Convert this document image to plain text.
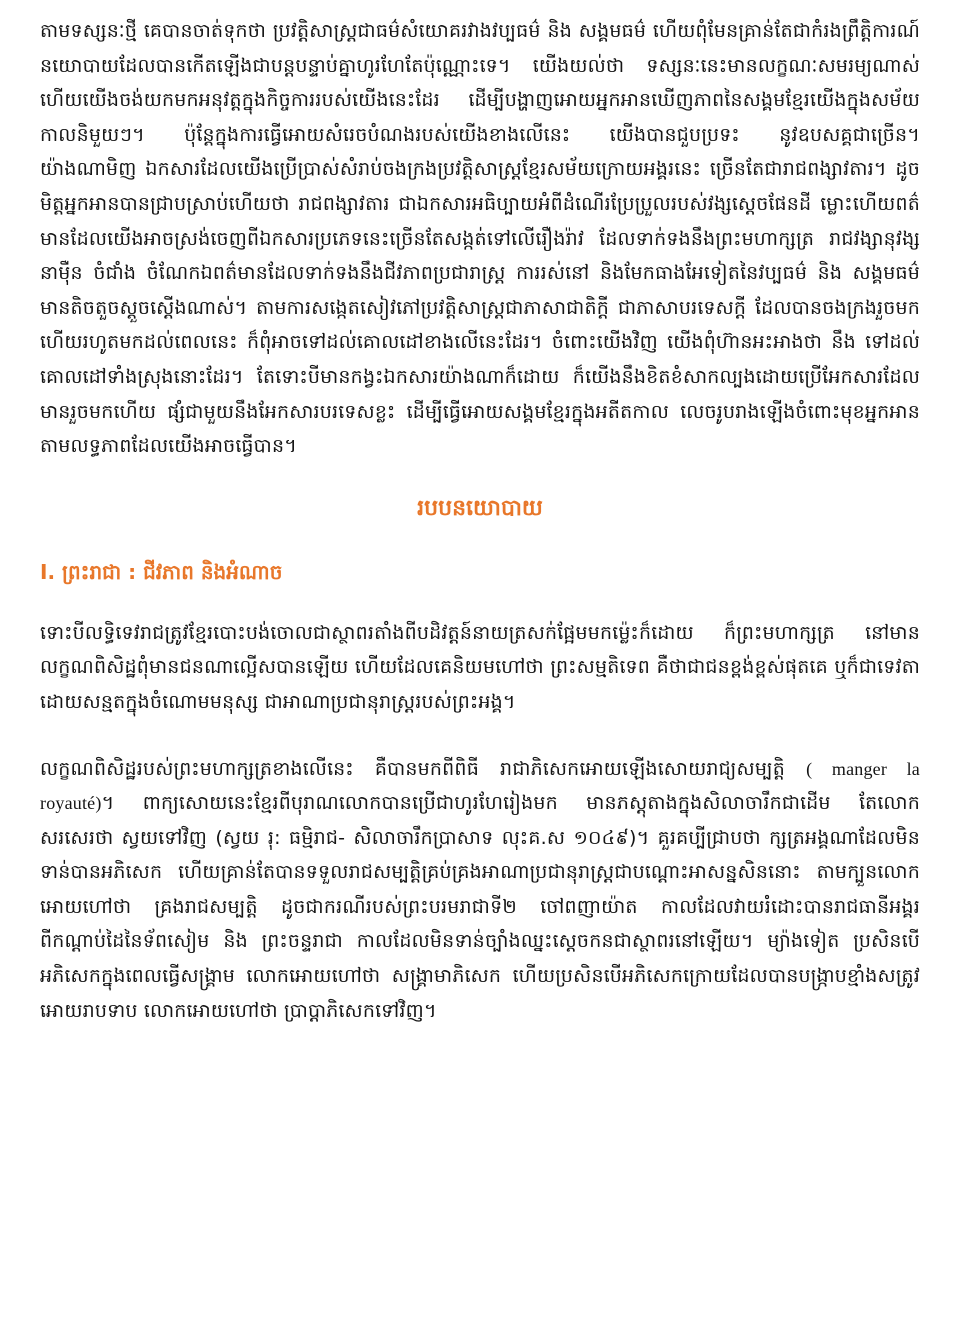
តាមទស្សនៈថ្មី គេបានចាត់ទុកថា ប្រវត្តិសាស្ត្រជាធម៌សំយោគរវាងវប្បធម៌ និង សង្គមធម៌ ហើយពុំមែនគ្រាន់តែជាកំរងព្រឹត្តិការណ៍នយោបាយដែលបានកើតឡើងជាបន្តបន្ទាប់គ្នាហូរហែតែប៉ុណ្ណោះទេ។ យើងយល់ថា ទស្សនៈនេះមានលក្ខណៈសមរម្យណាស់ ហើយយើងចង់យកមកអនុវត្តក្នុងកិច្ចការរបស់យើងនេះដែរ ដើម្បីបង្ហាញអោយអ្នកអានឃើញភាពនៃសង្គមខ្មែរយើងក្នុងសម័យកាលនិមួយៗ។ ប៉ុន្តែក្នុងការធ្វើអោយសំរេចបំណងរបស់យើងខាងលើនេះ យើងបានជួបប្រទះ នូវឧបសគ្គជាច្រើន។ យ៉ាងណាមិញ ឯកសារដែលយើងប្រើប្រាស់សំរាប់ចងក្រងប្រវត្តិសាស្ត្រខ្មែរសម័យក្រោយអង្គរនេះ ច្រើនតែជារាជពង្សាវតារ។ ដូចមិត្តអ្នកអានបានជ្រាបស្រាប់ហើយថា រាជពង្សាវតារ ជាឯកសារអធិប្បាយអំពីដំណើរប្រែប្រួលរបស់វង្សស្តេចផែនដី ម្លោះហើយពត៌មានដែលយើងអាចស្រង់ចេញពីឯកសារប្រភេទនេះច្រើនតែសង្កត់ទៅលើរឿងរ៉ាវ ដែលទាក់ទងនឹងព្រះមហាក្សត្រ រាជវង្សានុវង្ស នាម៉ឺន ចំជាំង ចំណែកឯពត៌មានដែលទាក់ទងនឹងជីវភាពប្រជារាស្ត្រ ការរស់នៅ និងមែកធាងអែទៀតនៃវប្បធម៌ និង សង្គមធម៌ មានតិចតួចស្តួចស្តើងណាស់។ តាមការសង្កេតសៀវភៅប្រវត្តិសាស្ត្រជាភាសាជាតិក្តី ជាភាសាបរទេសក្តី ដែលបានចងក្រងរួចមកហើយរហូតមកដល់ពេលនេះ ក៏ពុំអាចទៅដល់គោលដៅខាងលើនេះដែរ។ ចំពោះយើងវិញ យើងពុំហ៊ានអះអាងថា នឹង ទៅដល់គោលដៅទាំងស្រុងនោះដែរ។ តែទោះបីមានកង្វះឯកសារយ៉ាងណាក៏ដោយ ក៏យើងនឹងខិតខំសាកល្បងដោយប្រើអែកសារដែលមានរួចមកហើយ ផ្សំជាមួយនឹងអែកសារបរទេសខ្លះ ដើម្បីធ្វើអោយសង្គមខ្មែរក្នុងអតីតកាល លេចរូបរាងឡើងចំពោះមុខអ្នកអានតាមលទ្ធភាពដែលយើងអាចធ្វើបាន។

របបនយោបាយ
I. ព្រះរាជា : ជីវភាព និងអំណាច

ទោះបីលទ្ធិទេវរាជត្រូវខ្មែរបោះបង់ចោលជាស្ថាពរតាំងពីបដិវត្តន៍នាយត្រសក់ផ្អែមមកម្ល៉េះក៏ដោយ ក៏ព្រះមហាក្សត្រ នៅមានលក្ខណពិសិដ្ឋពុំមានជនណាល្អើសបានឡើយ ហើយដែលគេនិយមហៅថា ព្រះសម្មតិទេព គឺថាជាជនខ្ពង់ខ្ពស់ផុតគេ ឬក៏ជាទេវតា ដោយសន្មតក្នុងចំណោមមនុស្ស ជាអាណាប្រជានុរាស្ត្ររបស់ព្រះអង្គ។

លក្ខណពិសិដ្ឋរបស់ព្រះមហាក្សត្រខាងលើនេះ គឺបានមកពីពិធី រាជាភិសេកអោយឡើងសោយរាជ្យសម្បត្តិ ( manger la royauté)។ ពាក្យសោយនេះខ្មែរពីបុរាណលោកបានប្រើជាហូរហែរៀងមក មានភស្តុតាងក្នុងសិលាចារឹកជាដើម តែលោកសរសេរថា ស្វយទៅវិញ (ស្វយ រុ: ធម្មិរាជ- សិលាចារឹកប្រាសាទ លុះគ.ស ១០៤៩)។ គួរគប្បីជ្រាបថា ក្សត្រអង្គណាដែលមិនទាន់បានអភិសេក ហើយគ្រាន់តែបានទទួលរាជសម្បត្តិគ្រប់គ្រងអាណាប្រជានុរាស្ត្រជាបណ្តោះអាសន្នសិននោះ តាមក្បួនលោកអោយហៅថា គ្រងរាជសម្បត្តិ ដូចជាករណីរបស់ព្រះបរមរាជាទី២ ចៅពញាយ៉ាត កាលដែលវាយរំដោះបានរាជធានីអង្គរ ពីកណ្តាប់ដៃនៃទ័ពសៀម និង ព្រះចន្ទរាជា កាលដែលមិនទាន់ច្បាំងឈ្នះស្តេចកនជាស្ថាពរនៅឡើយ។ ម្យ៉ាងទៀត ប្រសិនបើអភិសេកក្នុងពេលធ្វើសង្គ្រាម លោកអោយហៅថា សង្គ្រាមាភិសេក ហើយប្រសិនបើអភិសេកក្រោយដែលបានបង្ក្រាបខ្មាំងសត្រូវអោយរាបទាប លោកអោយហៅថា ប្រាប្តាភិសេកទៅវិញ។
